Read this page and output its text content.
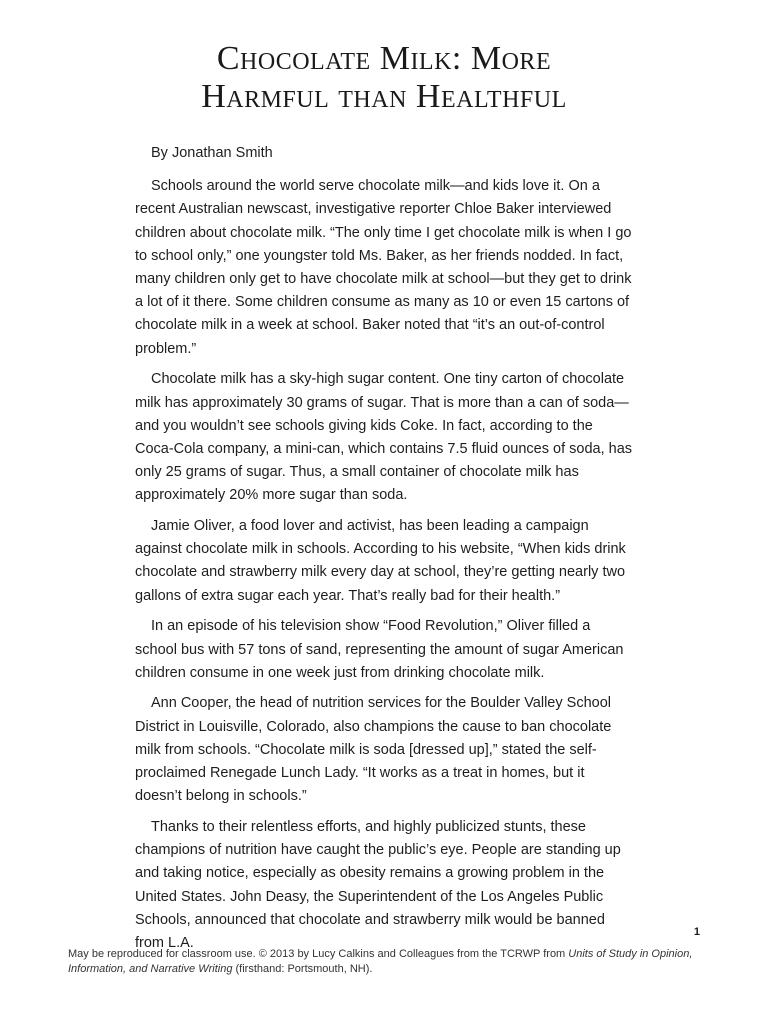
Chocolate Milk: More
Harmful than Healthful

By Jonathan Smith

Schools around the world serve chocolate milk—and kids love it. On a recent Australian newscast, investigative reporter Chloe Baker interviewed children about chocolate milk. “The only time I get chocolate milk is when I go to school only,” one youngster told Ms. Baker, as her friends nodded. In fact, many children only get to have chocolate milk at school—but they get to drink a lot of it there. Some children consume as many as 10 or even 15 cartons of chocolate milk in a week at school. Baker noted that “it’s an out-of-control problem.”

Chocolate milk has a sky-high sugar content. One tiny carton of chocolate milk has approximately 30 grams of sugar. That is more than a can of soda—and you wouldn’t see schools giving kids Coke. In fact, according to the Coca-Cola company, a mini-can, which contains 7.5 fluid ounces of soda, has only 25 grams of sugar. Thus, a small container of chocolate milk has approximately 20% more sugar than soda.

Jamie Oliver, a food lover and activist, has been leading a campaign against chocolate milk in schools. According to his website, “When kids drink chocolate and strawberry milk every day at school, they’re getting nearly two gallons of extra sugar each year. That’s really bad for their health.”

In an episode of his television show “Food Revolution,” Oliver filled a school bus with 57 tons of sand, representing the amount of sugar American children consume in one week just from drinking chocolate milk.

Ann Cooper, the head of nutrition services for the Boulder Valley School District in Louisville, Colorado, also champions the cause to ban chocolate milk from schools. “Chocolate milk is soda [dressed up],” stated the self-proclaimed Renegade Lunch Lady. “It works as a treat in homes, but it doesn’t belong in schools.”

Thanks to their relentless efforts, and highly publicized stunts, these champions of nutrition have caught the public’s eye. People are standing up and taking notice, especially as obesity remains a growing problem in the United States. John Deasy, the Superintendent of the Los Angeles Public Schools, announced that chocolate and strawberry milk would be banned from L.A.

1
May be reproduced for classroom use. © 2013 by Lucy Calkins and Colleagues from the TCRWP from Units of Study in Opinion, Information, and Narrative Writing (firsthand: Portsmouth, NH).
